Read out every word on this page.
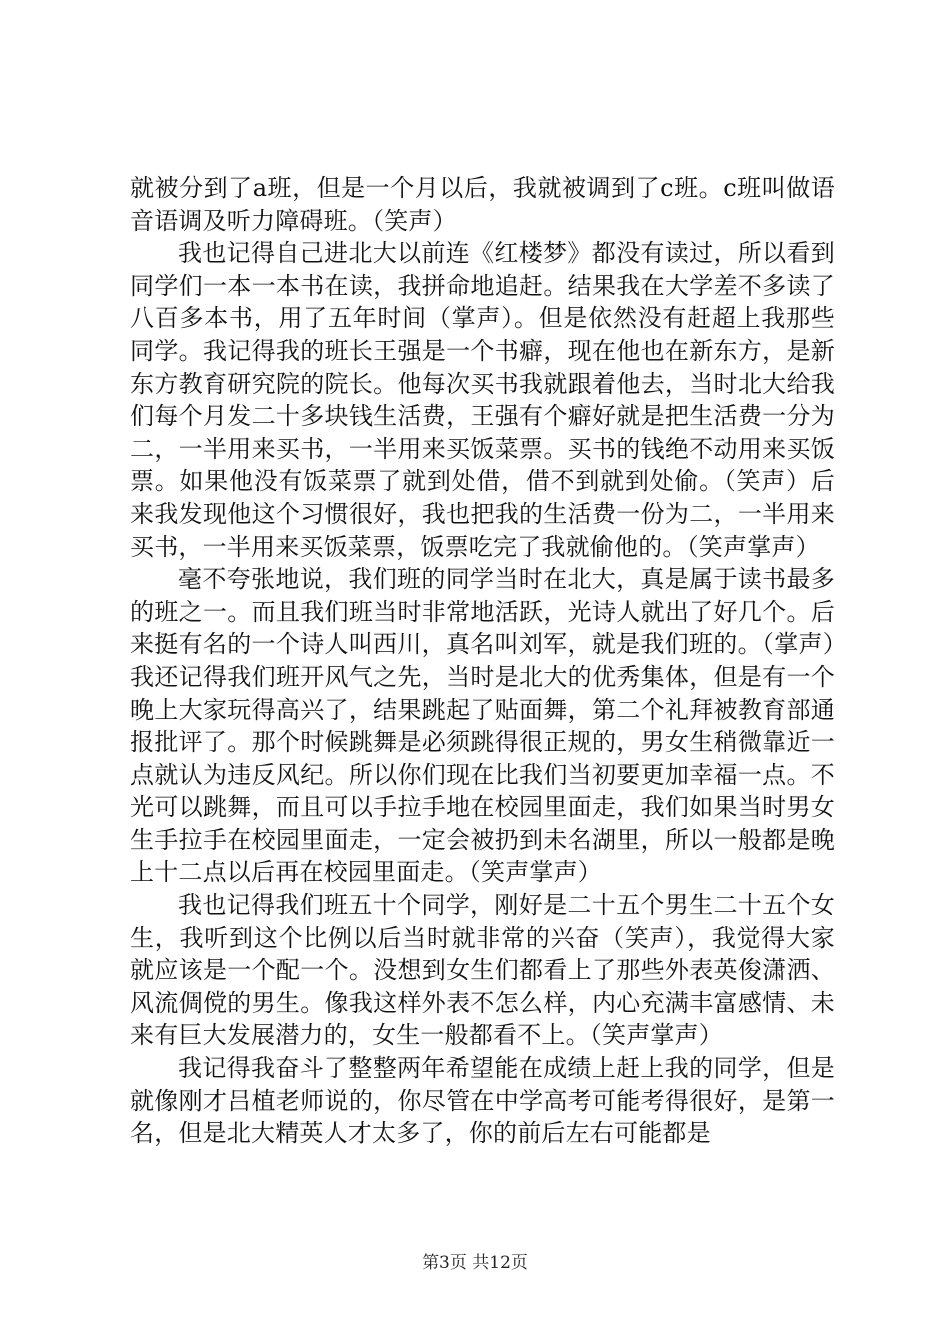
就被分到了a班，但是一个月以后，我就被调到了c班。c班叫做语音语调及听力障碍班。（笑声）

我也记得自己进北大以前连《红楼梦》都没有读过，所以看到同学们一本一本书在读，我拼命地追赶。结果我在大学差不多读了八百多本书，用了五年时间（掌声）。但是依然没有赶超上我那些同学。我记得我的班长王强是一个书癖，现在他也在新东方，是新东方教育研究院的院长。他每次买书我就跟着他去，当时北大给我们每个月发二十多块钱生活费，王强有个癖好就是把生活费一分为二，一半用来买书，一半用来买饭菜票。买书的钱绝不动用来买饭票。如果他没有饭菜票了就到处借，借不到就到处偷。（笑声）后来我发现他这个习惯很好，我也把我的生活费一份为二，一半用来买书，一半用来买饭菜票，饭票吃完了我就偷他的。（笑声掌声）

毫不夸张地说，我们班的同学当时在北大，真是属于读书最多的班之一。而且我们班当时非常地活跃，光诗人就出了好几个。后来挺有名的一个诗人叫西川，真名叫刘军，就是我们班的。（掌声）我还记得我们班开风气之先，当时是北大的优秀集体，但是有一个晚上大家玩得高兴了，结果跳起了贴面舞，第二个礼拜被教育部通报批评了。那个时候跳舞是必须跳得很正规的，男女生稍微靠近一点就认为违反风纪。所以你们现在比我们当初要更加幸福一点。不光可以跳舞，而且可以手拉手地在校园里面走，我们如果当时男女生手拉手在校园里面走，一定会被扔到未名湖里，所以一般都是晚上十二点以后再在校园里面走。（笑声掌声）

我也记得我们班五十个同学，刚好是二十五个男生二十五个女生，我听到这个比例以后当时就非常的兴奋（笑声），我觉得大家就应该是一个配一个。没想到女生们都看上了那些外表英俊潇洒、风流倜傥的男生。像我这样外表不怎么样，内心充满丰富感情、未来有巨大发展潜力的，女生一般都看不上。（笑声掌声）

我记得我奋斗了整整两年希望能在成绩上赶上我的同学，但是就像刚才吕植老师说的，你尽管在中学高考可能考得很好，是第一名，但是北大精英人才太多了，你的前后左右可能都是

第3页 共12页
